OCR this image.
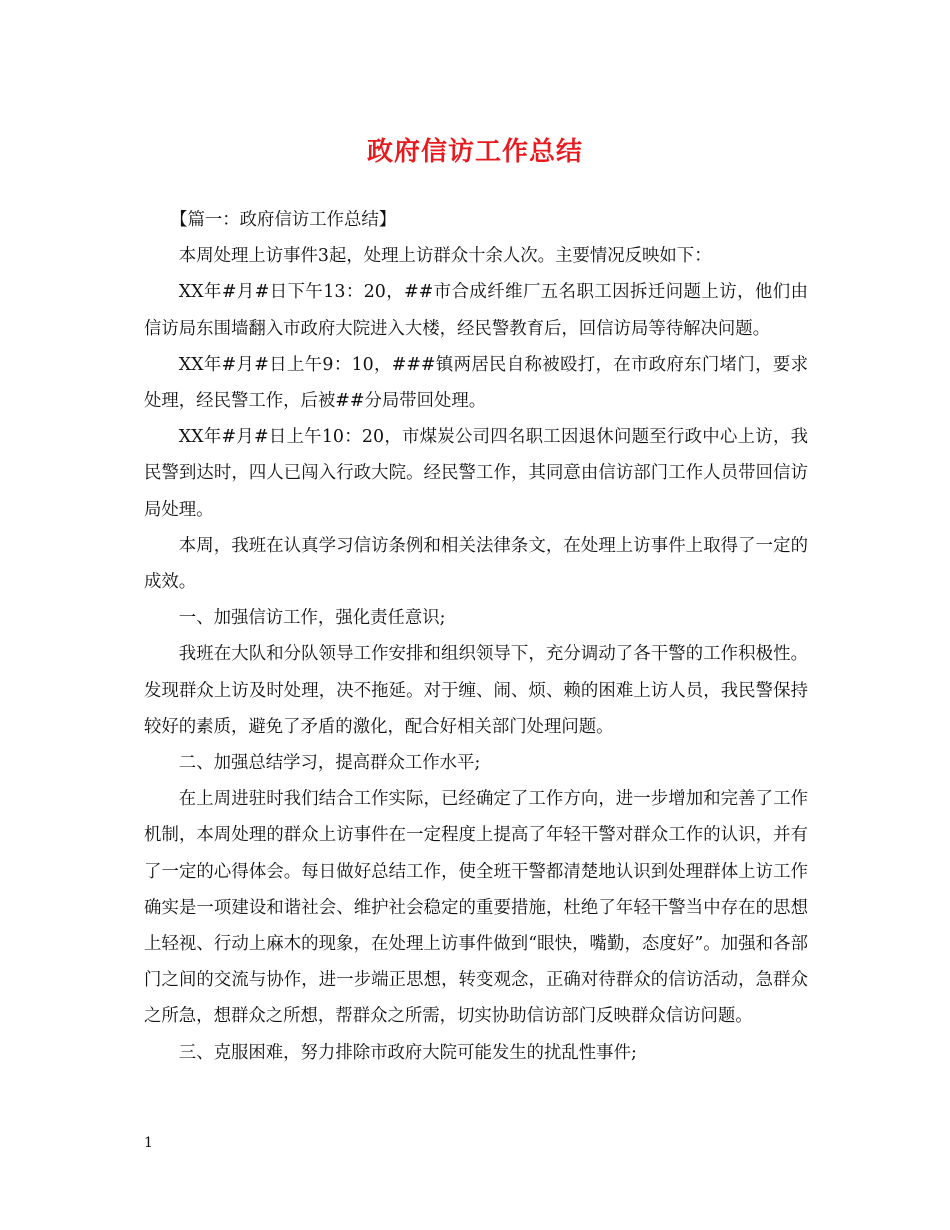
政府信访工作总结

【篇一：政府信访工作总结】

本周处理上访事件3起，处理上访群众十余人次。主要情况反映如下：

XX年#月#日下午13：20，##市合成纤维厂五名职工因拆迁问题上访，他们由信访局东围墙翻入市政府大院进入大楼，经民警教育后，回信访局等待解决问题。

XX年#月#日上午9：10，###镇两居民自称被殴打，在市政府东门堵门，要求处理，经民警工作，后被##分局带回处理。

XX年#月#日上午10：20，市煤炭公司四名职工因退休问题至行政中心上访，我民警到达时，四人已闯入行政大院。经民警工作，其同意由信访部门工作人员带回信访局处理。

本周，我班在认真学习信访条例和相关法律条文，在处理上访事件上取得了一定的成效。

一、加强信访工作，强化责任意识;

我班在大队和分队领导工作安排和组织领导下，充分调动了各干警的工作积极性。发现群众上访及时处理，决不拖延。对于缠、闹、烦、赖的困难上访人员，我民警保持较好的素质，避免了矛盾的激化，配合好相关部门处理问题。

二、加强总结学习，提高群众工作水平;

在上周进驻时我们结合工作实际，已经确定了工作方向，进一步增加和完善了工作机制，本周处理的群众上访事件在一定程度上提高了年轻干警对群众工作的认识，并有了一定的心得体会。每日做好总结工作，使全班干警都清楚地认识到处理群体上访工作确实是一项建设和谐社会、维护社会稳定的重要措施，杜绝了年轻干警当中存在的思想上轻视、行动上麻木的现象，在处理上访事件做到“眼快，嘴勤，态度好”。加强和各部门之间的交流与协作，进一步端正思想，转变观念，正确对待群众的信访活动，急群众之所急，想群众之所想，帮群众之所需，切实协助信访部门反映群众信访问题。

三、克服困难，努力排除市政府大院可能发生的扰乱性事件;

1
